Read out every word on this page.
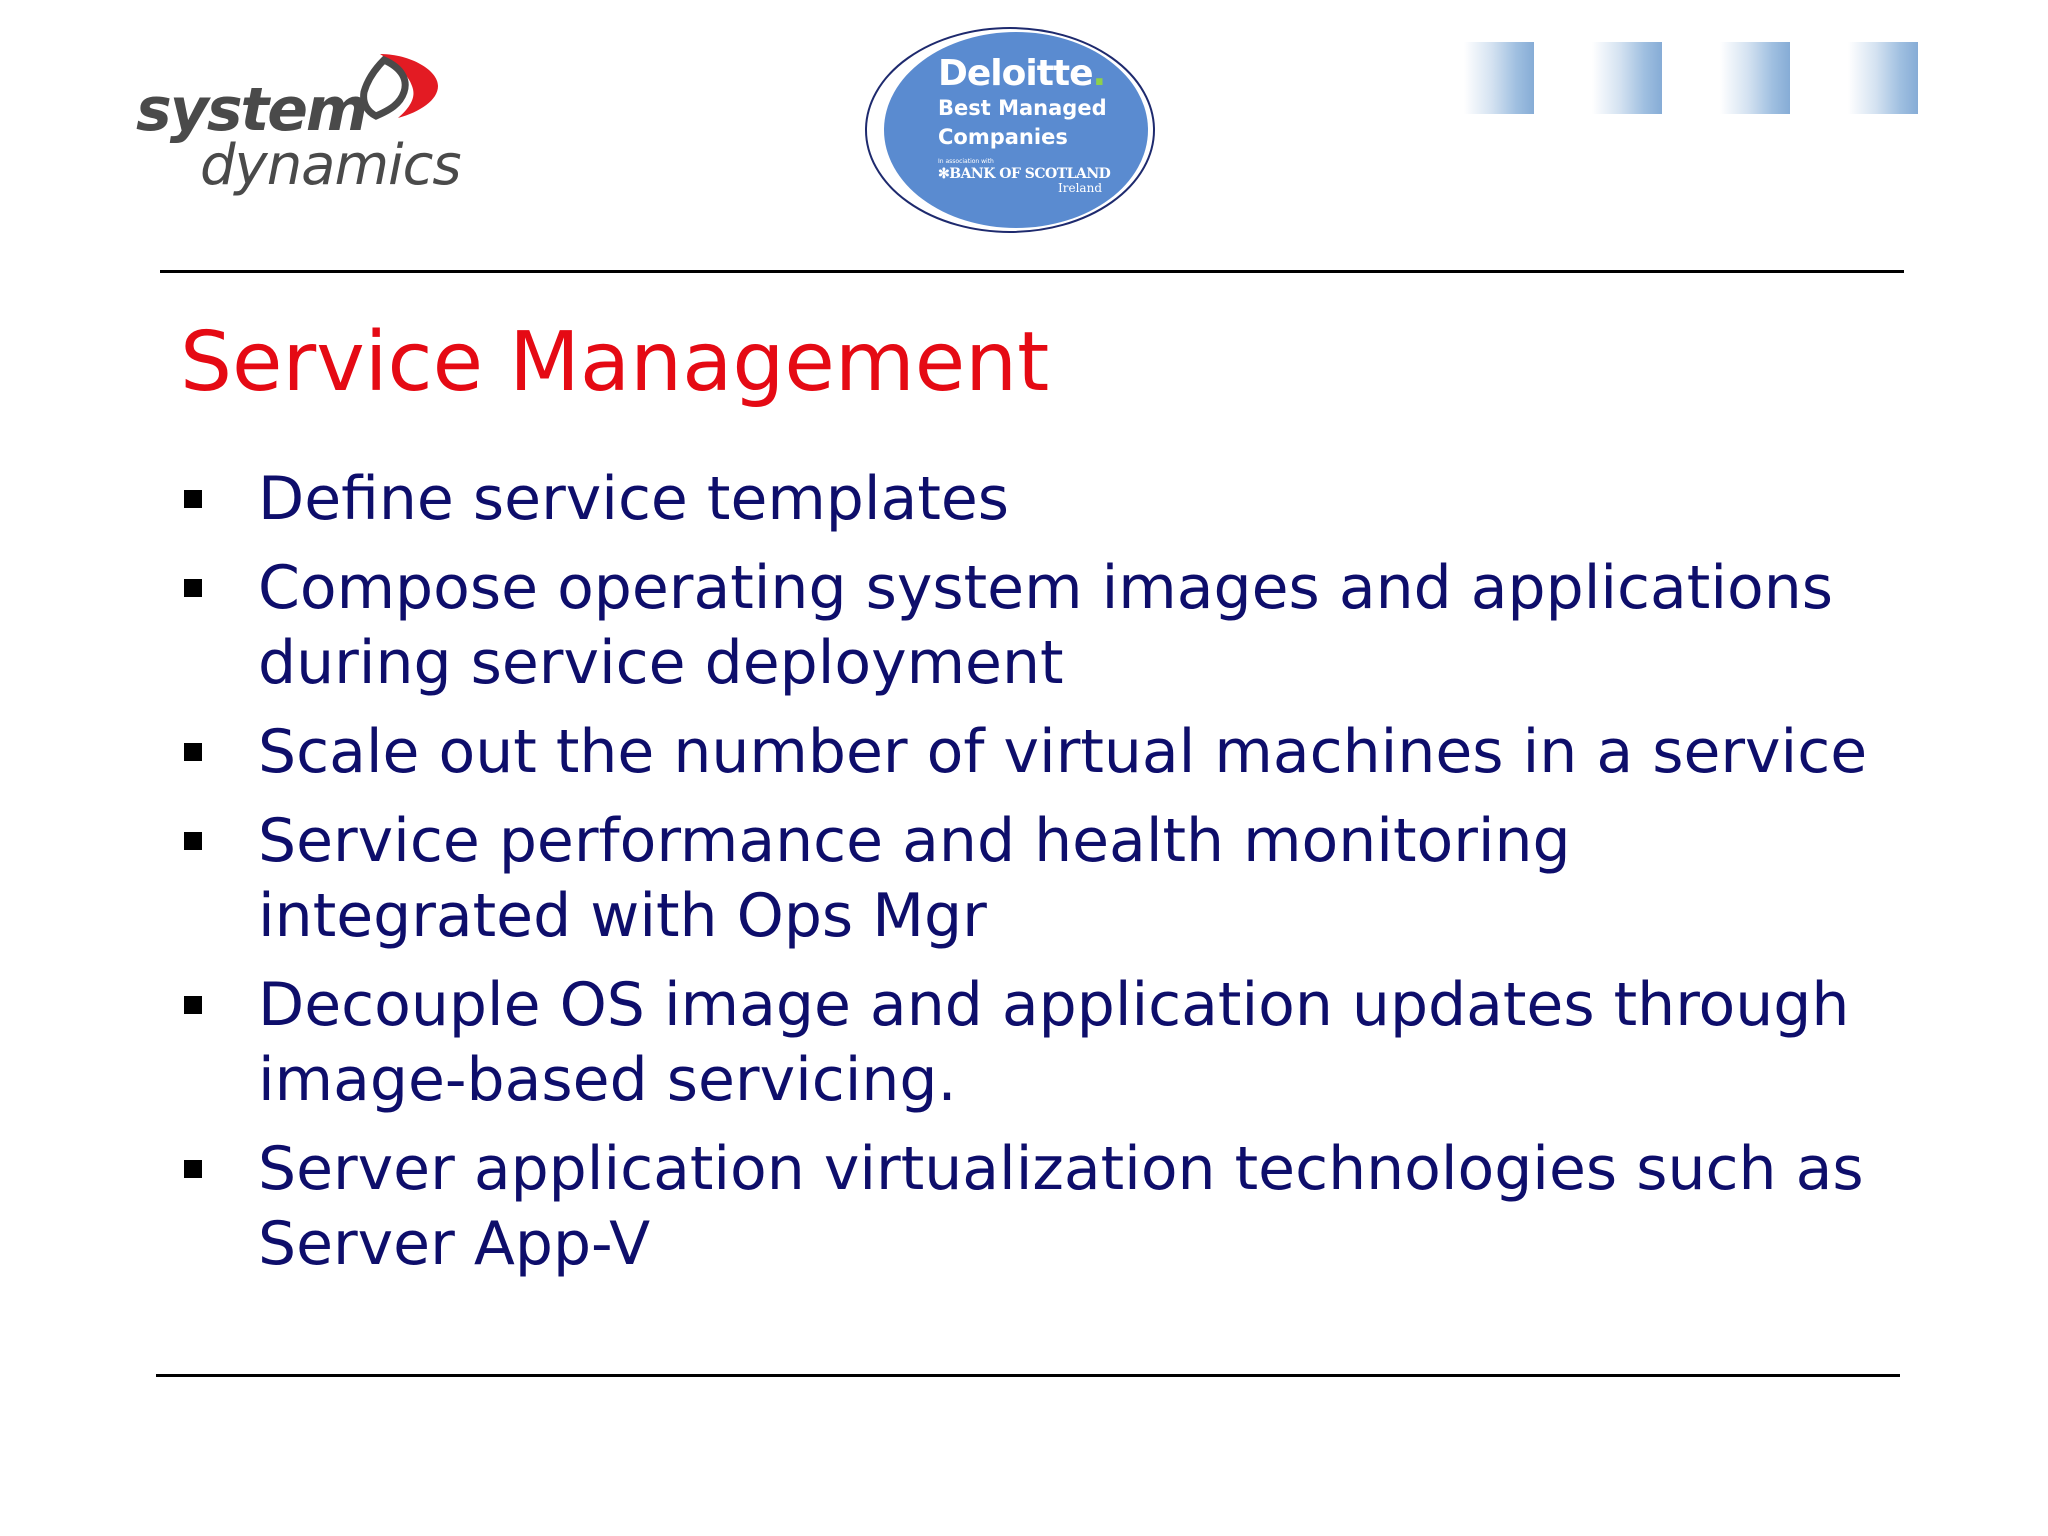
system
dynamics
Deloitte.
Best Managed
Companies
In association with
✻BANK OF SCOTLAND
Ireland
Service Management
Define service templates
Compose operating system images and applications during service deployment
Scale out the number of virtual machines in a service
Service performance and health monitoring integrated with Ops Mgr
Decouple OS image and application updates through image-based servicing.
Server application virtualization technologies such as Server App-V
